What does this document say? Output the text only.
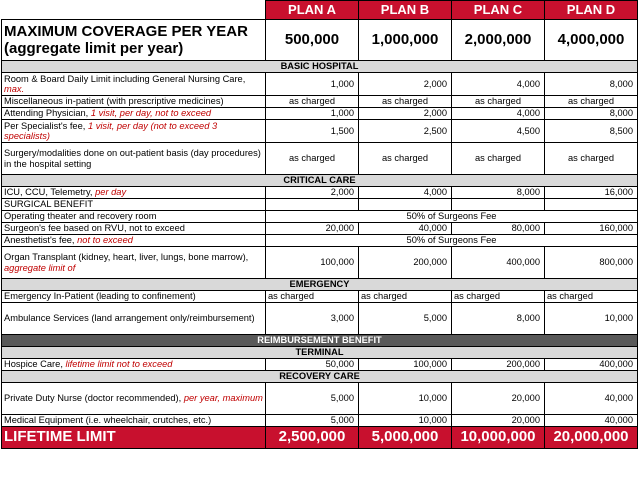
	PLAN A	PLAN B	PLAN C	PLAN D
MAXIMUM COVERAGE PER YEAR
(aggregate limit per year)	500,000	1,000,000	2,000,000	4,000,000
BASIC HOSPITAL				
Room & Board Daily Limit including General Nursing Care, max.	1,000	2,000	4,000	8,000
Miscellaneous in-patient (with prescriptive medicines)	as charged	as charged	as charged	as charged
Attending Physician, 1 visit, per day, not to exceed	1,000	2,000	4,000	8,000
Per Specialist's fee, 1 visit, per day (not to exceed 3 specialists)	1,500	2,500	4,500	8,500
Surgery/modalities done on out-patient basis (day procedures) in the hospital setting	as charged	as charged	as charged	as charged
CRITICAL CARE				
ICU, CCU, Telemetry, per day	2,000	4,000	8,000	16,000
SURGICAL BENEFIT				
Operating theater and recovery room	50% of Surgeons Fee			
Surgeon's fee based on RVU, not to exceed	20,000	40,000	80,000	160,000
Anesthetist's fee, not to exceed	50% of Surgeons Fee			
Organ Transplant (kidney, heart, liver, lungs, bone marrow), aggregate limit of	100,000	200,000	400,000	800,000
EMERGENCY				
Emergency In-Patient (leading to confinement)	as charged	as charged	as charged	as charged
Ambulance Services (land arrangement only/reimbursement)	3,000	5,000	8,000	10,000
REIMBURSEMENT BENEFIT				
TERMINAL				
Hospice Care, lifetime limit not to exceed	50,000	100,000	200,000	400,000
RECOVERY CARE				
Private Duty Nurse (doctor recommended), per year, maximum	5,000	10,000	20,000	40,000
Medical Equipment (i.e. wheelchair, crutches, etc.)	5,000	10,000	20,000	40,000
LIFETIME LIMIT	2,500,000	5,000,000	10,000,000	20,000,000
